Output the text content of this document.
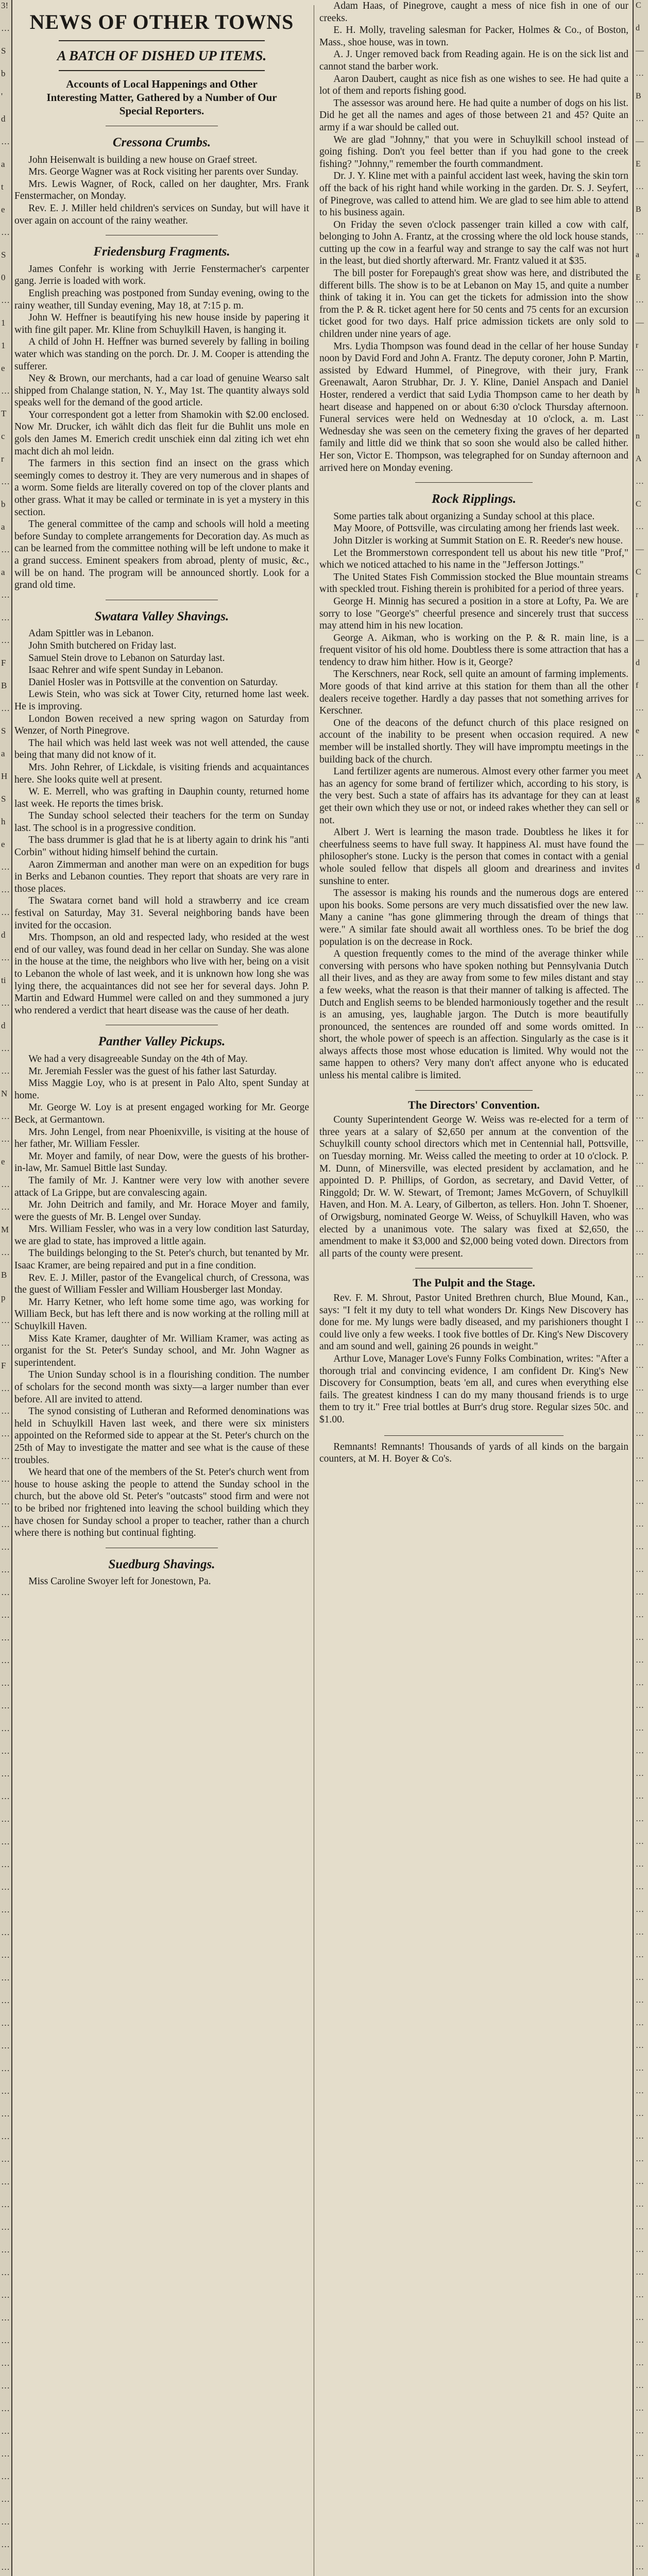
3!
…
S
b
'
d
…
a
t
e
…
S
0
…
1
1
e
…
T
c
r
…
b
a
…
a
…
…
…
F
B
…
S
a
H
S
h
e
…
…
…
d
…
ti
…
d
…
…
N
…
…
e
…
…
M
…
B
p
…
…
F
…
…
…
…
…
…
…
…
…
…
…
…
…
…
…
…
…
…
…
…
…
…
…
…
…
…
…
…
…
…
…
…
…
…
…
…
…
…
…
…
…
…
…
…
…
…
…
…
…
…
…
…
…
NEWS OF OTHER TOWNS
A BATCH OF DISHED UP ITEMS.
Accounts of Local Happenings and Other Interesting Matter, Gathered by a Number of Our Special Reporters.
Cressona Crumbs.

John Heisenwalt is building a new house on Graef street.

Mrs. George Wagner was at Rock visiting her parents over Sunday.

Mrs. Lewis Wagner, of Rock, called on her daughter, Mrs. Frank Fenstermacher, on Monday.

Rev. E. J. Miller held children's services on Sunday, but will have it over again on account of the rainy weather.

Friedensburg Fragments.

James Confehr is working with Jerrie Fenstermacher's carpenter gang. Jerrie is loaded with work.

English preaching was postponed from Sunday evening, owing to the rainy weather, till Sunday evening, May 18, at 7:15 p. m.

John W. Heffner is beautifying his new house inside by papering it with fine gilt paper. Mr. Kline from Schuylkill Haven, is hanging it.

A child of John H. Heffner was burned severely by falling in boiling water which was standing on the porch. Dr. J. M. Cooper is attending the sufferer.

Ney & Brown, our merchants, had a car load of genuine Wearso salt shipped from Chalange station, N. Y., May 1st. The quantity always sold speaks well for the demand of the good article.

Your correspondent got a letter from Shamokin with $2.00 enclosed. Now Mr. Drucker, ich wählt dich das fleit fur die Buhlit uns mole en gols den James M. Emerich credit unschiek einn dal ziting ich wet ehn macht dich ah mol leidn.

The farmers in this section find an insect on the grass which seemingly comes to destroy it. They are very numerous and in shapes of a worm. Some fields are literally covered on top of the clover plants and other grass. What it may be called or terminate in is yet a mystery in this section.

The general committee of the camp and schools will hold a meeting before Sunday to complete arrangements for Decoration day. As much as can be learned from the committee nothing will be left undone to make it a grand success. Eminent speakers from abroad, plenty of music, &c., will be on hand. The program will be announced shortly. Look for a grand old time.

Swatara Valley Shavings.

Adam Spittler was in Lebanon.

John Smith butchered on Friday last.

Samuel Stein drove to Lebanon on Saturday last.

Isaac Rehrer and wife spent Sunday in Lebanon.

Daniel Hosler was in Pottsville at the convention on Saturday.

Lewis Stein, who was sick at Tower City, returned home last week. He is improving.

London Bowen received a new spring wagon on Saturday from Wenzer, of North Pinegrove.

The hail which was held last week was not well attended, the cause being that many did not know of it.

Mrs. John Rehrer, of Lickdale, is visiting friends and acquaintances here. She looks quite well at present.

W. E. Merrell, who was grafting in Dauphin county, returned home last week. He reports the times brisk.

The Sunday school selected their teachers for the term on Sunday last. The school is in a progressive condition.

The bass drummer is glad that he is at liberty again to drink his "anti Corbin" without hiding himself behind the curtain.

Aaron Zimmerman and another man were on an expedition for bugs in Berks and Lebanon counties. They report that shoats are very rare in those places.

The Swatara cornet band will hold a strawberry and ice cream festival on Saturday, May 31. Several neighboring bands have been invited for the occasion.

Mrs. Thompson, an old and respected lady, who resided at the west end of our valley, was found dead in her cellar on Sunday. She was alone in the house at the time, the neighbors who live with her, being on a visit to Lebanon the whole of last week, and it is unknown how long she was lying there, the acquaintances did not see her for several days. John P. Martin and Edward Hummel were called on and they summoned a jury who rendered a verdict that heart disease was the cause of her death.

Panther Valley Pickups.

We had a very disagreeable Sunday on the 4th of May.

Mr. Jeremiah Fessler was the guest of his father last Saturday.

Miss Maggie Loy, who is at present in Palo Alto, spent Sunday at home.

Mr. George W. Loy is at present engaged working for Mr. George Beck, at Germantown.

Mrs. John Lengel, from near Phoenixville, is visiting at the house of her father, Mr. William Fessler.

Mr. Moyer and family, of near Dow, were the guests of his brother-in-law, Mr. Samuel Bittle last Sunday.

The family of Mr. J. Kantner were very low with another severe attack of La Grippe, but are convalescing again.

Mr. John Deitrich and family, and Mr. Horace Moyer and family, were the guests of Mr. B. Lengel over Sunday.

Mrs. William Fessler, who was in a very low condition last Saturday, we are glad to state, has improved a little again.

The buildings belonging to the St. Peter's church, but tenanted by Mr. Isaac Kramer, are being repaired and put in a fine condition.

Rev. E. J. Miller, pastor of the Evangelical church, of Cressona, was the guest of William Fessler and William Housberger last Monday.

Mr. Harry Ketner, who left home some time ago, was working for William Beck, but has left there and is now working at the rolling mill at Schuylkill Haven.

Miss Kate Kramer, daughter of Mr. William Kramer, was acting as organist for the St. Peter's Sunday school, and Mr. John Wagner as superintendent.

The Union Sunday school is in a flourishing condition. The number of scholars for the second month was sixty—a larger number than ever before. All are invited to attend.

The synod consisting of Lutheran and Reformed denominations was held in Schuylkill Haven last week, and there were six ministers appointed on the Reformed side to appear at the St. Peter's church on the 25th of May to investigate the matter and see what is the cause of these troubles.

We heard that one of the members of the St. Peter's church went from house to house asking the people to attend the Sunday school in the church, but the above old St. Peter's "outcasts" stood firm and were not to be bribed nor frightened into leaving the school building which they have chosen for Sunday school a proper to teacher, rather than a church where there is nothing but continual fighting.

Suedburg Shavings.

Miss Caroline Swoyer left for Jonestown, Pa.

Adam Haas, of Pinegrove, caught a mess of nice fish in one of our creeks.

E. H. Molly, traveling salesman for Packer, Holmes & Co., of Boston, Mass., shoe house, was in town.

A. J. Unger removed back from Reading again. He is on the sick list and cannot stand the barber work.

Aaron Daubert, caught as nice fish as one wishes to see. He had quite a lot of them and reports fishing good.

The assessor was around here. He had quite a number of dogs on his list. Did he get all the names and ages of those between 21 and 45? Quite an army if a war should be called out.

We are glad "Johnny," that you were in Schuylkill school instead of going fishing. Don't you feel better than if you had gone to the creek fishing? "Johnny," remember the fourth commandment.

Dr. J. Y. Kline met with a painful accident last week, having the skin torn off the back of his right hand while working in the garden. Dr. S. J. Seyfert, of Pinegrove, was called to attend him. We are glad to see him able to attend to his business again.

On Friday the seven o'clock passenger train killed a cow with calf, belonging to John A. Frantz, at the crossing where the old lock house stands, cutting up the cow in a fearful way and strange to say the calf was not hurt in the least, but died shortly afterward. Mr. Frantz valued it at $35.

The bill poster for Forepaugh's great show was here, and distributed the different bills. The show is to be at Lebanon on May 15, and quite a number think of taking it in. You can get the tickets for admission into the show from the P. & R. ticket agent here for 50 cents and 75 cents for an excursion ticket good for two days. Half price admission tickets are only sold to children under nine years of age.

Mrs. Lydia Thompson was found dead in the cellar of her house Sunday noon by David Ford and John A. Frantz. The deputy coroner, John P. Martin, assisted by Edward Hummel, of Pinegrove, with their jury, Frank Greenawalt, Aaron Strubhar, Dr. J. Y. Kline, Daniel Anspach and Daniel Hoster, rendered a verdict that said Lydia Thompson came to her death by heart disease and happened on or about 6:30 o'clock Thursday afternoon. Funeral services were held on Wednesday at 10 o'clock, a. m. Last Wednesday she was seen on the cemetery fixing the graves of her departed family and little did we think that so soon she would also be called hither. Her son, Victor E. Thompson, was telegraphed for on Sunday afternoon and arrived here on Monday evening.

Rock Ripplings.

Some parties talk about organizing a Sunday school at this place.

May Moore, of Pottsville, was circulating among her friends last week.

John Ditzler is working at Summit Station on E. R. Reeder's new house.

Let the Brommerstown correspondent tell us about his new title "Prof," which we noticed attached to his name in the "Jefferson Jottings."

The United States Fish Commission stocked the Blue mountain streams with speckled trout. Fishing therein is prohibited for a period of three years.

George H. Minnig has secured a position in a store at Lofty, Pa. We are sorry to lose "George's" cheerful presence and sincerely trust that success may attend him in his new location.

George A. Aikman, who is working on the P. & R. main line, is a frequent visitor of his old home. Doubtless there is some attraction that has a tendency to draw him hither. How is it, George?

The Kerschners, near Rock, sell quite an amount of farming implements. More goods of that kind arrive at this station for them than all the other dealers receive together. Hardly a day passes that not something arrives for Kerschner.

One of the deacons of the defunct church of this place resigned on account of the inability to be present when occasion required. A new member will be installed shortly. They will have impromptu meetings in the building back of the church.

Land fertilizer agents are numerous. Almost every other farmer you meet has an agency for some brand of fertilizer which, according to his story, is the very best. Such a state of affairs has its advantage for they can at least get their own which they use or not, or indeed rakes whether they can sell or not.

Albert J. Wert is learning the mason trade. Doubtless he likes it for cheerfulness seems to have full sway. It happiness Al. must have found the philosopher's stone. Lucky is the person that comes in contact with a genial whole souled fellow that dispels all gloom and dreariness and invites sunshine to enter.

The assessor is making his rounds and the numerous dogs are entered upon his books. Some persons are very much dissatisfied over the new law. Many a canine "has gone glimmering through the dream of things that were." A similar fate should await all worthless ones. To be brief the dog population is on the decrease in Rock.

A question frequently comes to the mind of the average thinker while conversing with persons who have spoken nothing but Pennsylvania Dutch all their lives, and as they are away from some to few miles distant and stay a few weeks, what the reason is that their manner of talking is affected. The Dutch and English seems to be blended harmoniously together and the result is an amusing, yes, laughable jargon. The Dutch is more beautifully pronounced, the sentences are rounded off and some words omitted. In short, the whole power of speech is an affection. Singularly as the case is it always affects those most whose education is limited. Why would not the same happen to others? Very many don't affect anyone who is educated unless his mental calibre is limited.

The Directors' Convention.

County Superintendent George W. Weiss was re-elected for a term of three years at a salary of $2,650 per annum at the convention of the Schuylkill county school directors which met in Centennial hall, Pottsville, on Tuesday morning. Mr. Weiss called the meeting to order at 10 o'clock. P. M. Dunn, of Minersville, was elected president by acclamation, and he appointed D. P. Phillips, of Gordon, as secretary, and David Vetter, of Ringgold; Dr. W. W. Stewart, of Tremont; James McGovern, of Schuylkill Haven, and Hon. M. A. Leary, of Gilberton, as tellers. Hon. John T. Shoener, of Orwigsburg, nominated George W. Weiss, of Schuylkill Haven, who was elected by a unanimous vote. The salary was fixed at $2,650, the amendment to make it $3,000 and $2,000 being voted down. Directors from all parts of the county were present.

The Pulpit and the Stage.

Rev. F. M. Shrout, Pastor United Brethren church, Blue Mound, Kan., says: "I felt it my duty to tell what wonders Dr. Kings New Discovery has done for me. My lungs were badly diseased, and my parishioners thought I could live only a few weeks. I took five bottles of Dr. King's New Discovery and am sound and well, gaining 26 pounds in weight."

Arthur Love, Manager Love's Funny Folks Combination, writes: "After a thorough trial and convincing evidence, I am confident Dr. King's New Discovery for Consumption, beats 'em all, and cures when everything else fails. The greatest kindness I can do my many thousand friends is to urge them to try it." Free trial bottles at Burr's drug store. Regular sizes 50c. and $1.00.

Remnants! Remnants! Thousands of yards of all kinds on the bargain counters, at M. H. Boyer & Co's.

C
d
—
…
B
…
—
E
…
B
…
a
E
…
—
r
…
h
…
n
A
…
C
…
—
C
r
…
—
d
f
…
e
…
A
g
…
—
d
…
…
…
…
…
…
…
…
…
…
…
…
…
…
…
…
…
…
…
…
…
…
…
…
…
…
…
…
…
…
…
…
…
…
…
…
…
…
…
…
…
…
…
…
…
…
…
…
…
…
…
…
…
…
…
…
…
…
…
…
…
…
…
…
…
…
…
…
…
…
…
…
…
…
…
